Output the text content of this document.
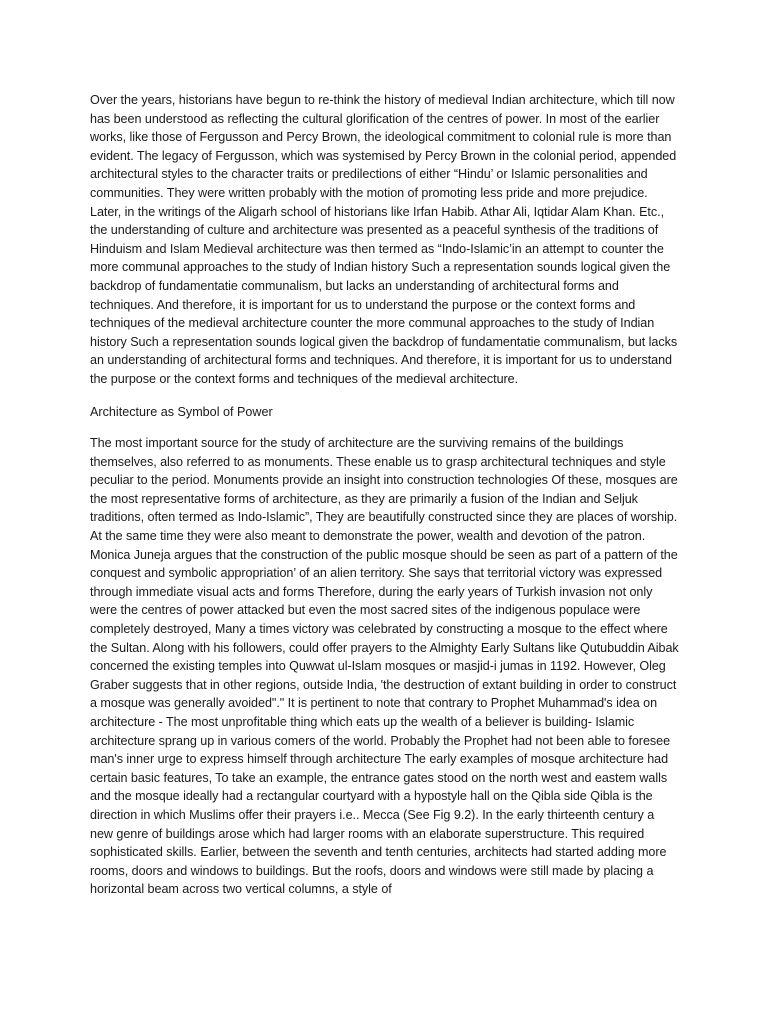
Over the years, historians have begun to re-think the history of medieval Indian architecture, which till now has been understood as reflecting the cultural glorification of the centres of power. In most of the earlier works, like those of Fergusson and Percy Brown, the ideological commitment to colonial rule is more than evident. The legacy of Fergusson, which was systemised by Percy Brown in the colonial period, appended architectural styles to the character traits or predilections of either “Hindu’ or Islamic personalities and communities. They were written probably with the motion of promoting less pride and more prejudice. Later, in the writings of the Aligarh school of historians like Irfan Habib. Athar Ali, Iqtidar Alam Khan. Etc., the understanding of culture and architecture was presented as a peaceful synthesis of the traditions of Hinduism and Islam Medieval architecture was then termed as “Indo-Islamic’in an attempt to counter the more communal approaches to the study of Indian history Such a representation sounds logical given the backdrop of fundamentatie communalism, but lacks an understanding of architectural forms and techniques. And therefore, it is important for us to understand the purpose or the context forms and techniques of the medieval architecture counter the more communal approaches to the study of Indian history Such a representation sounds logical given the backdrop of fundamentatie communalism, but lacks an understanding of architectural forms and techniques. And therefore, it is important for us to understand the purpose or the context forms and techniques of the medieval architecture.

Architecture as Symbol of Power

The most important source for the study of architecture are the surviving remains of the buildings themselves, also referred to as monuments. These enable us to grasp architectural techniques and style peculiar to the period. Monuments provide an insight into construction technologies Of these, mosques are the most representative forms of architecture, as they are primarily a fusion of the Indian and Seljuk traditions, often termed as Indo-Islamic”, They are beautifully constructed since they are places of worship. At the same time they were also meant to demonstrate the power, wealth and devotion of the patron. Monica Juneja argues that the construction of the public mosque should be seen as part of a pattern of the conquest and symbolic appropriation’ of an alien territory. She says that territorial victory was expressed through immediate visual acts and forms Therefore, during the early years of Turkish invasion not only were the centres of power attacked but even the most sacred sites of the indigenous populace were completely destroyed, Many a times victory was celebrated by constructing a mosque to the effect where the Sultan. Along with his followers, could offer prayers to the Almighty Early Sultans like Qutubuddin Aibak concerned the existing temples into Quwwat ul-Islam mosques or masjid-i jumas in 1192. However, Oleg Graber suggests that in other regions, outside India, 'the destruction of extant building in order to construct a mosque was generally avoided"." It is pertinent to note that contrary to Prophet Muhammad's idea on architecture - The most unprofitable thing which eats up the wealth of a believer is building- Islamic architecture sprang up in various comers of the world. Probably the Prophet had not been able to foresee man's inner urge to express himself through architecture The early examples of mosque architecture had certain basic features, To take an example, the entrance gates stood on the north west and eastem walls and the mosque ideally had a rectangular courtyard with a hypostyle hall on the Qibla side Qibla is the direction in which Muslims offer their prayers i.e.. Mecca (See Fig 9.2). In the early thirteenth century a new genre of buildings arose which had larger rooms with an elaborate superstructure. This required sophisticated skills. Earlier, between the seventh and tenth centuries, architects had started adding more rooms, doors and windows to buildings. But the roofs, doors and windows were still made by placing a horizontal beam across two vertical columns, a style of
